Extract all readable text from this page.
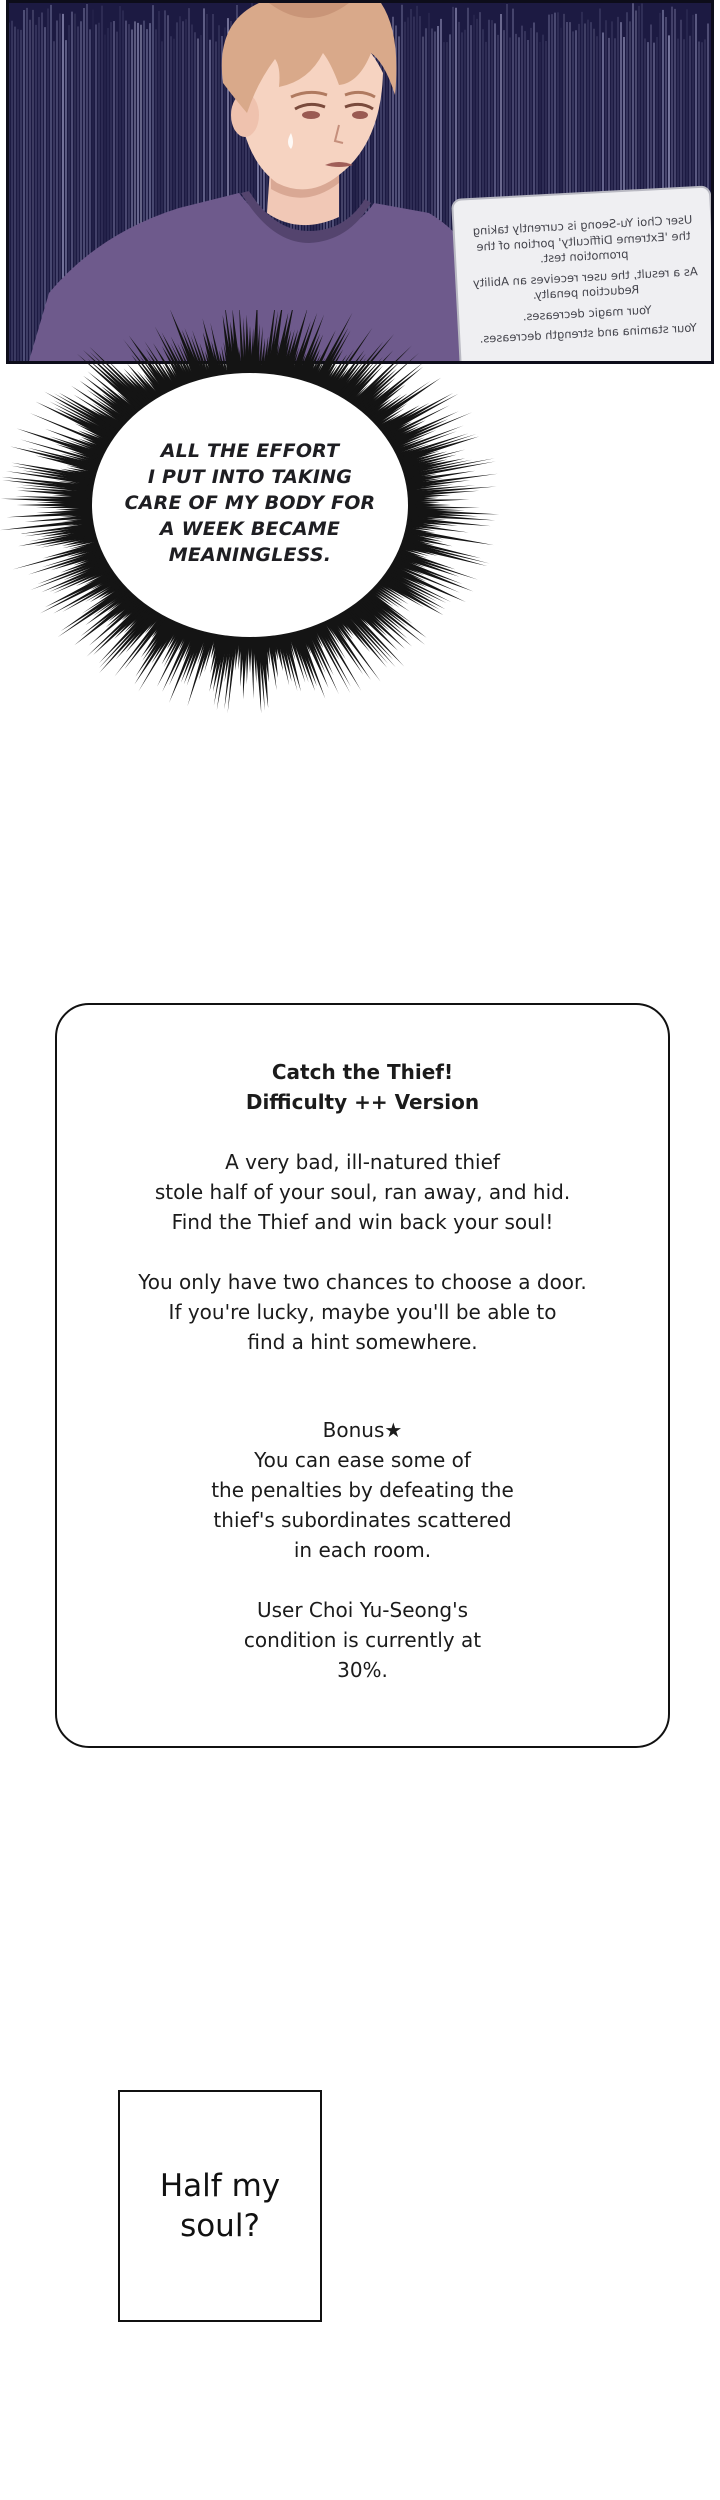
User Choi Yu-Seong is currently taking the 'Extreme Difficulty' portion of the promotion test.

As a result, the user receives an Ability Reduction penalty.

Your magic decreases.

Your stamina and strength decreases.

ALL THE EFFORT
I PUT INTO TAKING
CARE OF MY BODY FOR
A WEEK BECAME
MEANINGLESS.
Catch the Thief!
Difficulty ++ Version

A very bad, ill-natured thief

stole half of your soul, ran away, and hid.

Find the Thief and win back your soul!

You only have two chances to choose a door.

If you're lucky, maybe you'll be able to

find a hint somewhere.

Bonus★

You can ease some of

the penalties by defeating the

thief's subordinates scattered

in each room.

User Choi Yu-Seong's

condition is currently at

30%.

Half my
soul?
